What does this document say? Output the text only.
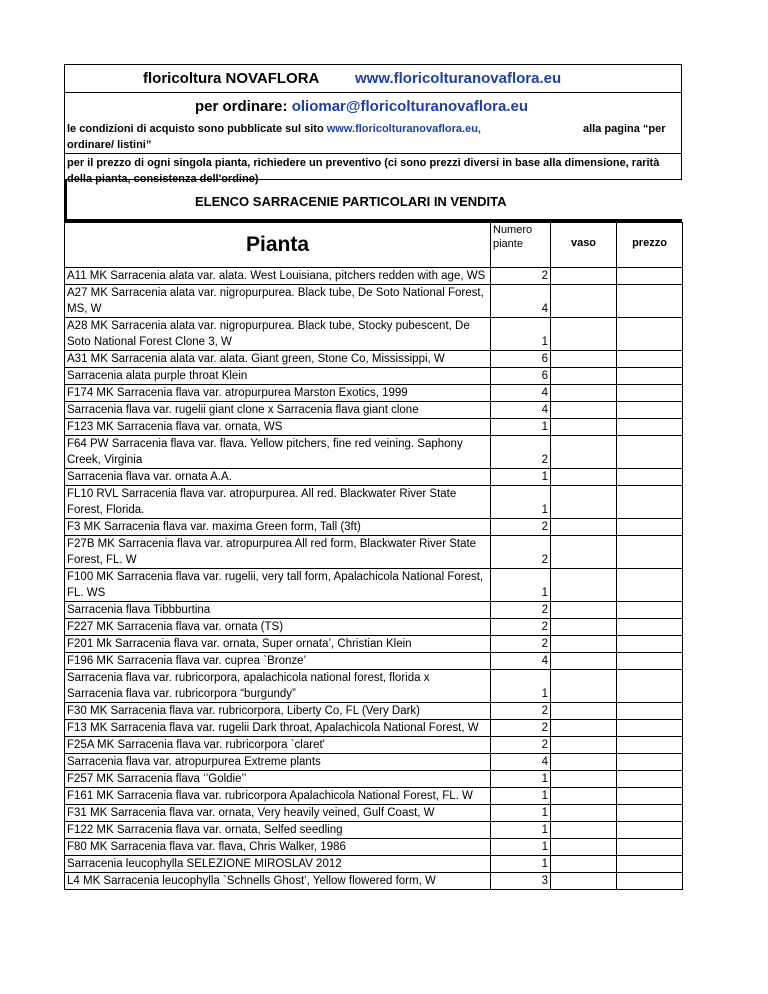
floricoltura NOVAFLORA www.floricolturanovaflora.eu
per ordinare: oliomar@floricolturanovaflora.eu
le condizioni di acquisto sono pubblicate sul sito www.floricolturanovaflora.eu,	alla pagina “per

ordinare/ listini”
per il prezzo di ogni singola pianta, richiedere un preventivo (ci sono prezzi diversi in base alla dimensione, rarità della pianta, consistenza dell'ordine)
ELENCO SARRACENIE PARTICOLARI IN VENDITA
Pianta	Numero piante	vaso	prezzo
A11 MK Sarracenia alata var. alata. West Louisiana, pitchers redden with age, WS	2		
A27 MK Sarracenia alata var. nigropurpurea. Black tube, De Soto National Forest, MS, W	4		
A28 MK Sarracenia alata var. nigropurpurea. Black tube, Stocky pubescent, De Soto National Forest Clone 3, W	1		
A31 MK Sarracenia alata var. alata. Giant green, Stone Co, Mississippi, W	6		
Sarracenia alata purple throat Klein	6		
F174 MK Sarracenia flava var. atropurpurea Marston Exotics, 1999	4		
Sarracenia flava var. rugelii giant clone x Sarracenia flava giant clone	4		
F123 MK Sarracenia flava var. ornata, WS	1		
F64 PW Sarracenia flava var. flava. Yellow pitchers, fine red veining. Saphony Creek, Virginia	2		
Sarracenia flava var. ornata A.A.	1		
FL10 RVL Sarracenia flava var. atropurpurea. All red. Blackwater River State Forest, Florida.	1		
F3 MK Sarracenia flava var. maxima Green form, Tall (3ft)	2		
F27B MK Sarracenia flava var. atropurpurea All red form, Blackwater River State Forest, FL. W	2		
F100 MK Sarracenia flava var. rugelii, very tall form, Apalachicola National Forest, FL. WS	1		
Sarracenia flava Tibbburtina	2		
F227 MK Sarracenia flava var. ornata (TS)	2		
F201 Mk Sarracenia flava var. ornata, Super ornata’, Christian Klein	2		
F196 MK Sarracenia flava var. cuprea `Bronze’	4		
Sarracenia flava var. rubricorpora, apalachicola national forest, florida x Sarracenia flava var. rubricorpora “burgundy”	1		
F30 MK Sarracenia flava var. rubricorpora, Liberty Co, FL (Very Dark)	2		
F13 MK Sarracenia flava var. rugelii Dark throat, Apalachicola National Forest, W	2		
F25A MK Sarracenia flava var. rubricorpora `claret'	2		
Sarracenia flava var. atropurpurea Extreme plants	4		
F257 MK Sarracenia flava ‘’Goldie’’	1		
F161 MK Sarracenia flava var. rubricorpora Apalachicola National Forest, FL. W	1		
F31 MK Sarracenia flava var. ornata, Very heavily veined, Gulf Coast, W	1		
F122 MK Sarracenia flava var. ornata, Selfed seedling	1		
F80 MK Sarracenia flava var. flava, Chris Walker, 1986	1		
Sarracenia leucophylla SELEZIONE MIROSLAV 2012	1		
L4 MK Sarracenia leucophylla `Schnells Ghost’, Yellow flowered form, W	3		
